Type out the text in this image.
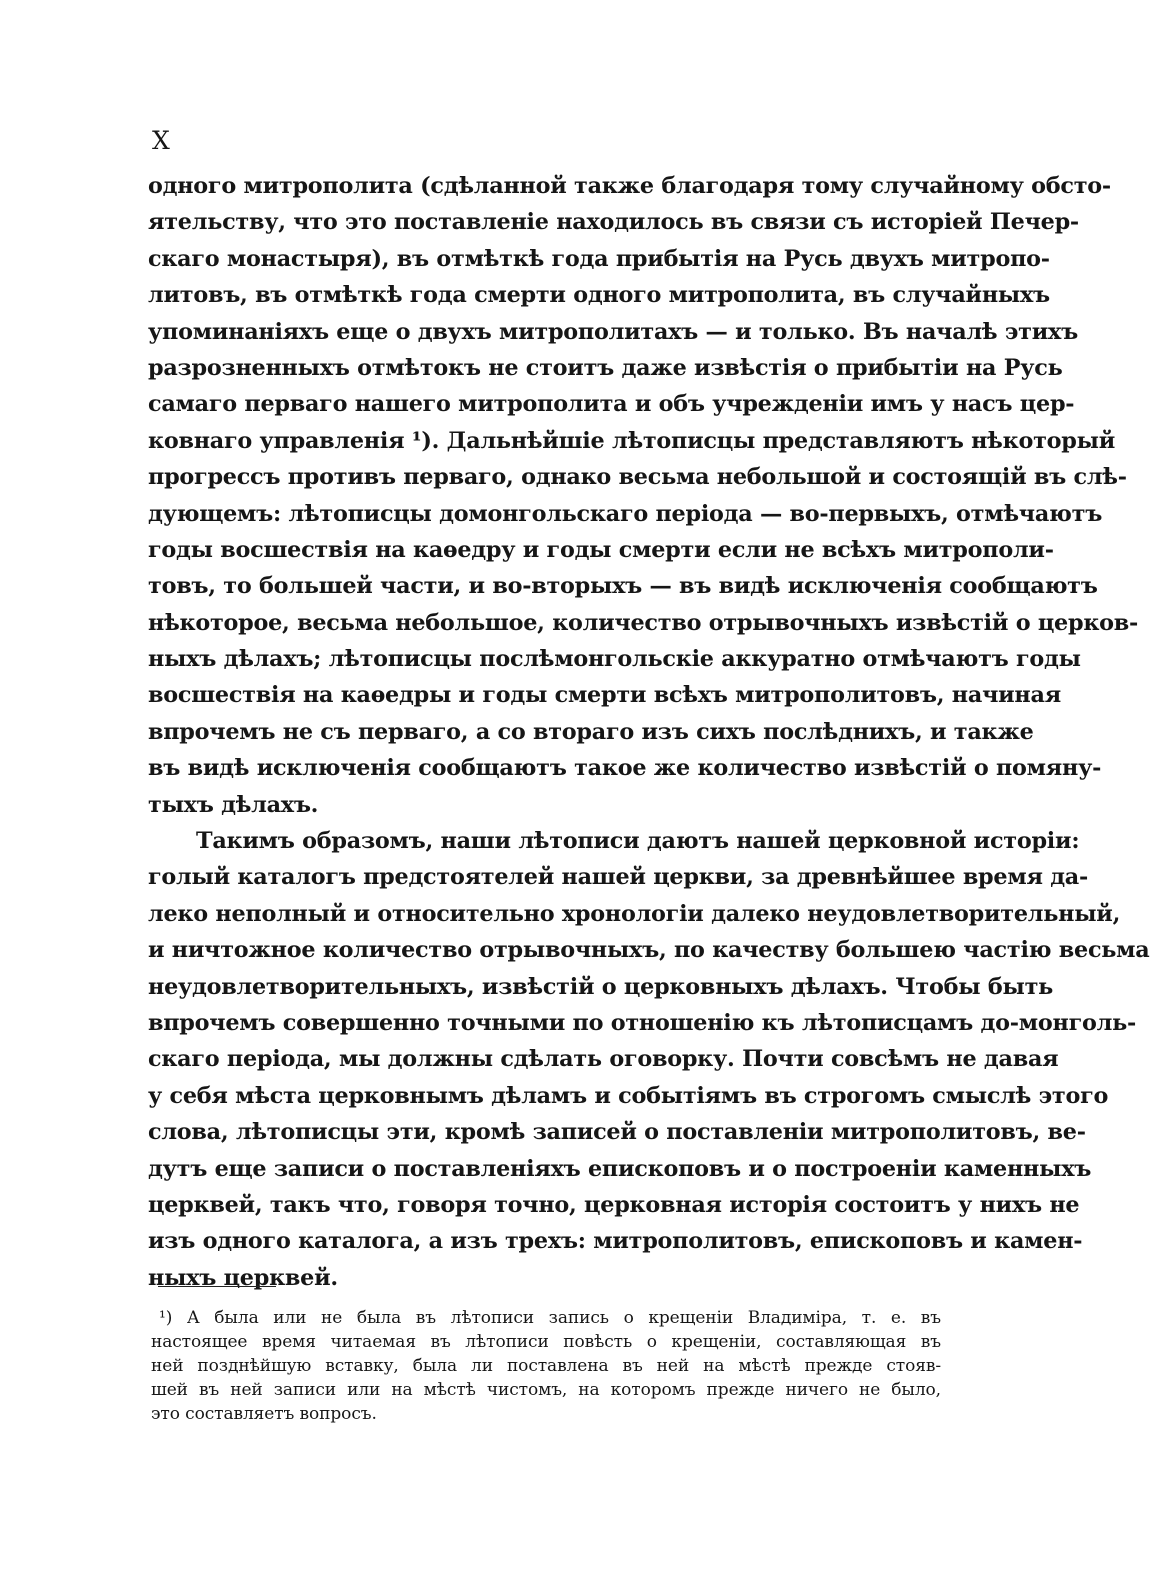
X
одного митрополита (сдѣланной также благодаря тому случайному обсто-
ятельству, что это поставленіе находилось въ связи съ исторіей Печер-
скаго монастыря), въ отмѣткѣ года прибытія на Русь двухъ митропо-
литовъ, въ отмѣткѣ года смерти одного митрополита, въ случайныхъ
упоминаніяхъ еще о двухъ митрополитахъ — и только. Въ началѣ этихъ
разрозненныхъ отмѣтокъ не стоитъ даже извѣстія о прибытіи на Русь
самаго перваго нашего митрополита и объ учрежденіи имъ у насъ цер-
ковнаго управленія ¹). Дальнѣйшіе лѣтописцы представляютъ нѣкоторый
прогрессъ противъ перваго, однако весьма небольшой и состоящій въ слѣ-
дующемъ: лѣтописцы домонгольскаго періода — во-первыхъ, отмѣчаютъ
годы восшествія на каѳедру и годы смерти если не всѣхъ митрополи-
товъ, то большей части, и во-вторыхъ — въ видѣ исключенія сообщаютъ
нѣкоторое, весьма небольшое, количество отрывочныхъ извѣстій о церков-
ныхъ дѣлахъ; лѣтописцы послѣмонгольскіе аккуратно отмѣчаютъ годы
восшествія на каѳедры и годы смерти всѣхъ митрополитовъ, начиная
впрочемъ не съ перваго, а со втораго изъ сихъ послѣднихъ, и также
въ видѣ исключенія сообщаютъ такое же количество извѣстій о помяну-
тыхъ дѣлахъ.
Такимъ образомъ, наши лѣтописи даютъ нашей церковной исторіи:
голый каталогъ предстоятелей нашей церкви, за древнѣйшее время да-
леко неполный и относительно хронологіи далеко неудовлетворительный,
и ничтожное количество отрывочныхъ, по качеству большею частію весьма
неудовлетворительныхъ, извѣстій о церковныхъ дѣлахъ. Чтобы быть
впрочемъ совершенно точными по отношенію къ лѣтописцамъ до-монголь-
скаго періода, мы должны сдѣлать оговорку. Почти совсѣмъ не давая
у себя мѣста церковнымъ дѣламъ и событіямъ въ строгомъ смыслѣ этого
слова, лѣтописцы эти, кромѣ записей о поставленіи митрополитовъ, ве-
дутъ еще записи о поставленіяхъ епископовъ и о построеніи каменныхъ
церквей, такъ что, говоря точно, церковная исторія состоитъ у нихъ не
изъ одного каталога, а изъ трехъ: митрополитовъ, епископовъ и камен-
ныхъ церквей.
¹) А была или не была въ лѣтописи запись о крещеніи Владиміра, т. е. въ
настоящее время читаемая въ лѣтописи повѣсть о крещеніи, составляющая въ
ней позднѣйшую вставку, была ли поставлена въ ней на мѣстѣ прежде стояв-
шей въ ней записи или на мѣстѣ чистомъ, на которомъ прежде ничего не было,
это составляетъ вопросъ.
